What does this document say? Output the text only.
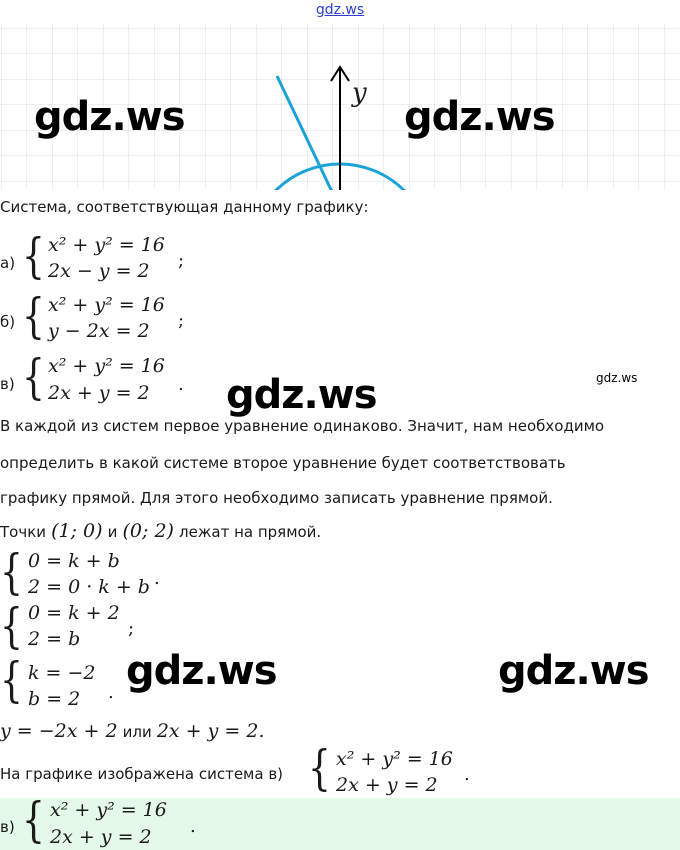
gdz.ws
y
gdz.ws	gdz.ws
gdz.ws	gdz.ws
gdz.ws	gdz.ws
Система, соответствующая данному графику:
а) { x² + y² = 16
2x − y = 2 ;
б) { x² + y² = 16
y − 2x = 2 ;
в) { x² + y² = 16
2x + y = 2 .
В каждой из систем первое уравнение одинаково. Значит, нам необходимо
определить в какой системе второе уравнение будет соответствовать
графику прямой. Для этого необходимо записать уравнение прямой.
Точки (1; 0) и (0; 2) лежат на прямой.
{ 0 = k + b
2 = 0 · k + b .
{ 0 = k + 2
2 = b	;
{ k = −2
b = 2 .
y = −2x + 2 или 2x + y = 2.
На графике изображена система в) { x² + y² = 16
2x + y = 2 .
в) { x² + y² = 16
2x + y = 2 .
